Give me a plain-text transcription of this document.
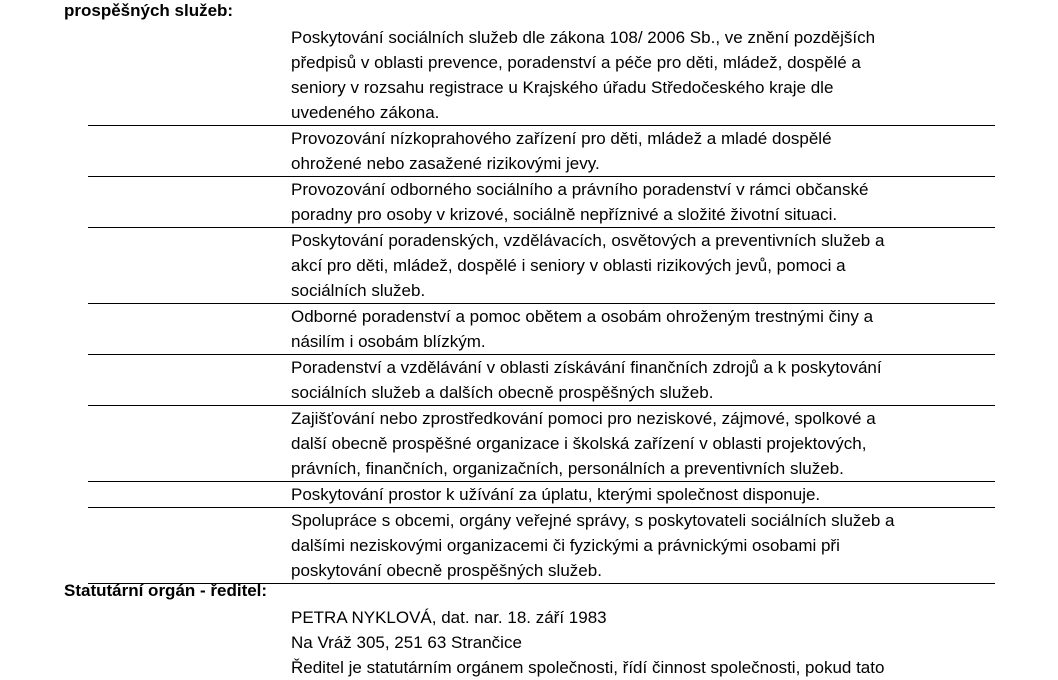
prospěšných služeb:
Poskytování sociálních služeb dle zákona 108/ 2006 Sb., ve znění pozdějších
předpisů v oblasti prevence, poradenství a péče pro děti, mládež, dospělé a
seniory v rozsahu registrace u Krajského úřadu Středočeského kraje dle
uvedeného zákona.
Provozování nízkoprahového zařízení pro děti, mládež a mladé dospělé
ohrožené nebo zasažené rizikovými jevy.
Provozování odborného sociálního a právního poradenství v rámci občanské
poradny pro osoby v krizové, sociálně nepříznivé a složité životní situaci.
Poskytování poradenských, vzdělávacích, osvětových a preventivních služeb a
akcí pro děti, mládež, dospělé i seniory v oblasti rizikových jevů, pomoci a
sociálních služeb.
Odborné poradenství a pomoc obětem a osobám ohroženým trestnými činy a
násilím i osobám blízkým.
Poradenství a vzdělávání v oblasti získávání finančních zdrojů a k poskytování
sociálních služeb a dalších obecně prospěšných služeb.
Zajišťování nebo zprostředkování pomoci pro neziskové, zájmové, spolkové a
další obecně prospěšné organizace i školská zařízení v oblasti projektových,
právních, finančních, organizačních, personálních a preventivních služeb.
Poskytování prostor k užívání za úplatu, kterými společnost disponuje.
Spolupráce s obcemi, orgány veřejné správy, s poskytovateli sociálních služeb a
dalšími neziskovými organizacemi či fyzickými a právnickými osobami při
poskytování obecně prospěšných služeb.
Statutární orgán - ředitel:
PETRA NYKLOVÁ, dat. nar. 18. září 1983
Na Vráž 305, 251 63 Strančice
Ředitel je statutárním orgánem společnosti, řídí činnost společnosti, pokud tato
